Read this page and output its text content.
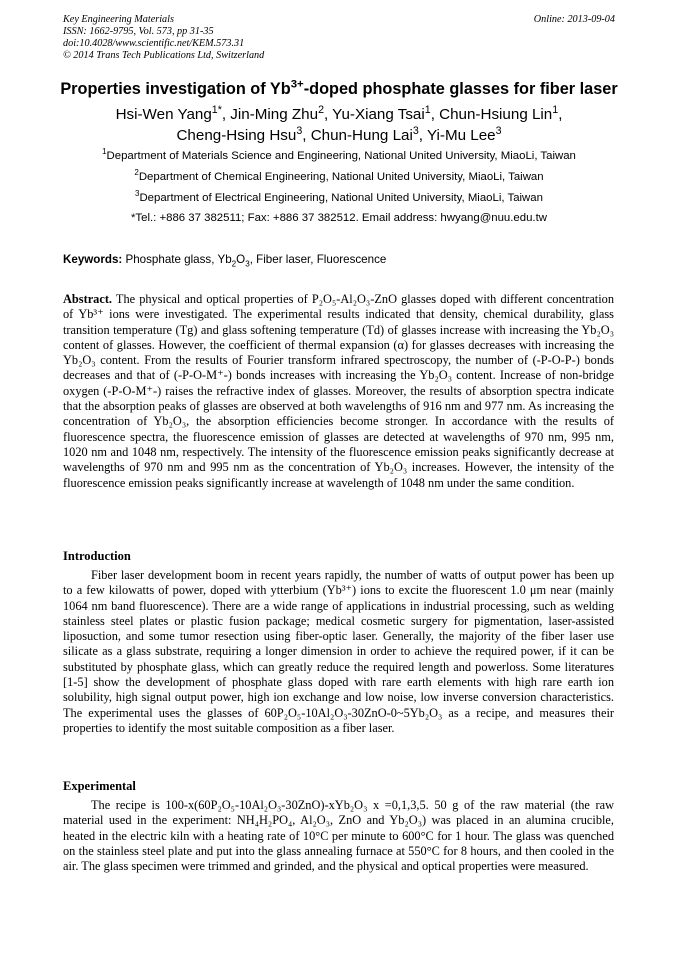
Key Engineering Materials
ISSN: 1662-9795, Vol. 573, pp 31-35
doi:10.4028/www.scientific.net/KEM.573.31
© 2014 Trans Tech Publications Ltd, Switzerland
Online: 2013-09-04
Properties investigation of $Yb^{3+}$-doped phosphate glasses for fiber laser
Hsi-Wen Yang$^{1*}$, Jin-Ming Zhu$^2$, Yu-Xiang Tsai$^1$, Chun-Hsiung Lin$^1$,
Cheng-Hsing Hsu$^3$, Chun-Hung Lai$^3$, Yi-Mu Lee$^3$
$^1$Department of Materials Science and Engineering, National United University, MiaoLi, Taiwan
$^2$Department of Chemical Engineering, National United University, MiaoLi, Taiwan
$^3$Department of Electrical Engineering, National United University, MiaoLi, Taiwan
*Tel.: +886 37 382511; Fax: +886 37 382512. Email address: hwyang@nuu.edu.tw
Keywords: Phosphate glass, $Yb_2O_3$, Fiber laser, Fluorescence

Abstract. The physical and optical properties of P₂O₅-Al₂O₃-ZnO glasses doped with different concentration of Yb³⁺ ions were investigated. The experimental results indicated that density, chemical durability, glass transition temperature (Tg) and glass softening temperature (Td) of glasses increase with increasing the Yb₂O₃ content of glasses. However, the coefficient of thermal expansion (α) for glasses decreases with increasing the Yb₂O₃ content. From the results of Fourier transform infrared spectroscopy, the number of (-P-O-P-) bonds decreases and that of (-P-O-M⁺-) bonds increases with increasing the Yb₂O₃ content. Increase of non-bridge oxygen (-P-O-M⁺-) raises the refractive index of glasses. Moreover, the results of absorption spectra indicate that the absorption peaks of glasses are observed at both wavelengths of 916 nm and 977 nm. As increasing the concentration of Yb₂O₃, the absorption efficiencies become stronger. In accordance with the results of fluorescence spectra, the fluorescence emission of glasses are detected at wavelengths of 970 nm, 995 nm, 1020 nm and 1048 nm, respectively. The intensity of the fluorescence emission peaks significantly decrease at wavelengths of 970 nm and 995 nm as the concentration of Yb₂O₃ increases. However, the intensity of the fluorescence emission peaks significantly increase at wavelength of 1048 nm under the same condition.

Introduction

Fiber laser development boom in recent years rapidly, the number of watts of output power has been up to a few kilowatts of power, doped with ytterbium (Yb³⁺) ions to excite the fluorescent 1.0 μm near (mainly 1064 nm band fluorescence). There are a wide range of applications in industrial processing, such as welding stainless steel plates or plastic fusion package; medical cosmetic surgery for pigmentation, laser-assisted liposuction, and some tumor resection using fiber-optic laser. Generally, the majority of the fiber laser use silicate as a glass substrate, requiring a longer dimension in order to achieve the required power, if it can be substituted by phosphate glass, which can greatly reduce the required length and powerloss. Some literatures [1-5] show the development of phosphate glass doped with rare earth elements with high rare earth ion solubility, high signal output power, high ion exchange and low noise, low inverse conversion characteristics. The experimental uses the glasses of 60P₂O₅-10Al₂O₃-30ZnO-0~5Yb₂O₃ as a recipe, and measures their properties to identify the most suitable composition as a fiber laser.

Experimental

The recipe is 100-x(60P₂O₅-10Al₂O₃-30ZnO)-xYb₂O₃ x =0,1,3,5. 50 g of the raw material (the raw material used in the experiment: NH₄H₂PO₄, Al₂O₃, ZnO and Yb₂O₃) was placed in an alumina crucible, heated in the electric kiln with a heating rate of 10°C per minute to 600°C for 1 hour. The glass was quenched on the stainless steel plate and put into the glass annealing furnace at 550°C for 8 hours, and then cooled in the air. The glass specimen were trimmed and grinded, and the physical and optical properties were measured.
